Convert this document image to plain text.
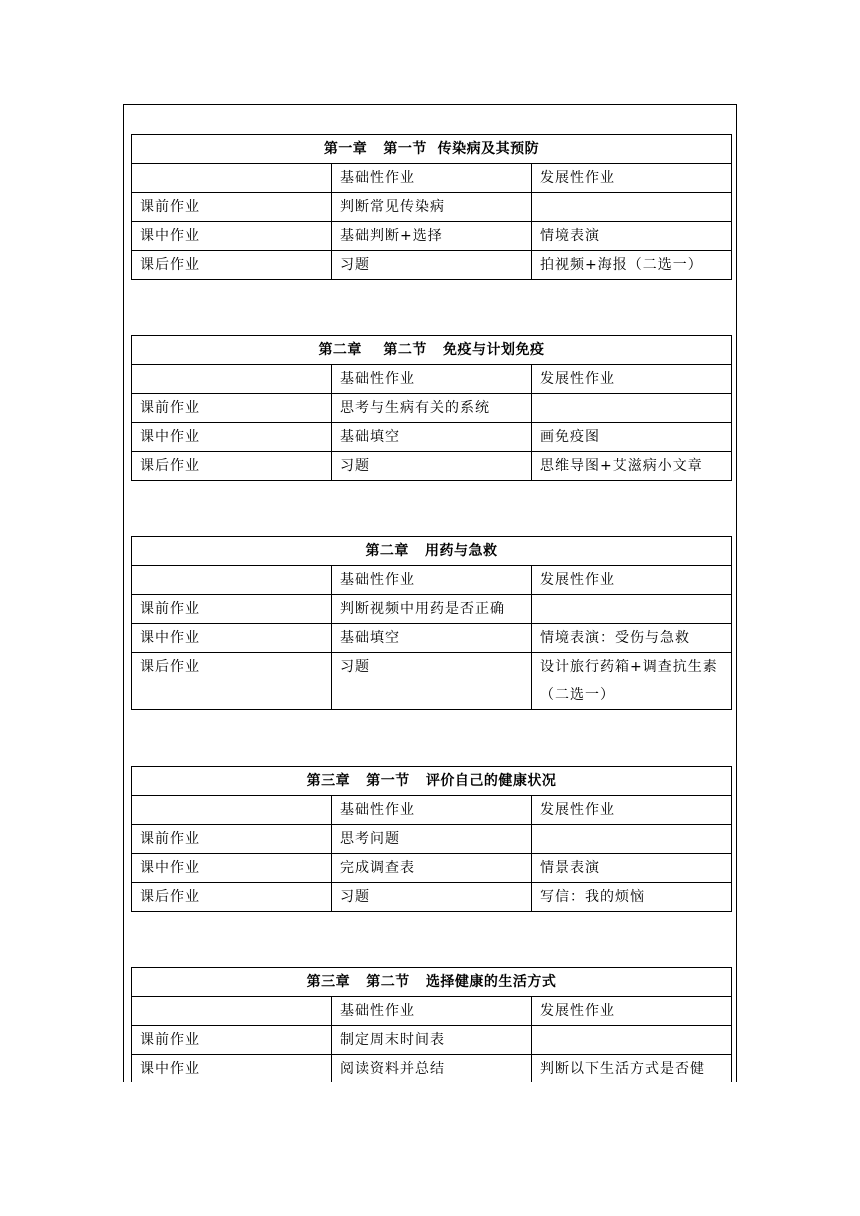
第一章   第一节  传染病及其预防		
	基础性作业	发展性作业
课前作业	判断常见传染病	
课中作业	基础判断+选择	情境表演
课后作业	习题	拍视频+海报（二选一）
第二章    第二节   免疫与计划免疫		
	基础性作业	发展性作业
课前作业	思考与生病有关的系统	
课中作业	基础填空	画免疫图
课后作业	习题	思维导图+艾滋病小文章
第二章   用药与急救		
	基础性作业	发展性作业
课前作业	判断视频中用药是否正确	
课中作业	基础填空	情境表演：受伤与急救
课后作业	习题	设计旅行药箱+调查抗生素（二选一）
第三章   第一节   评价自己的健康状况		
	基础性作业	发展性作业
课前作业	思考问题	
课中作业	完成调查表	情景表演
课后作业	习题	写信：我的烦恼
第三章   第二节   选择健康的生活方式		
	基础性作业	发展性作业
课前作业	制定周末时间表	
课中作业	阅读资料并总结	判断以下生活方式是否健
